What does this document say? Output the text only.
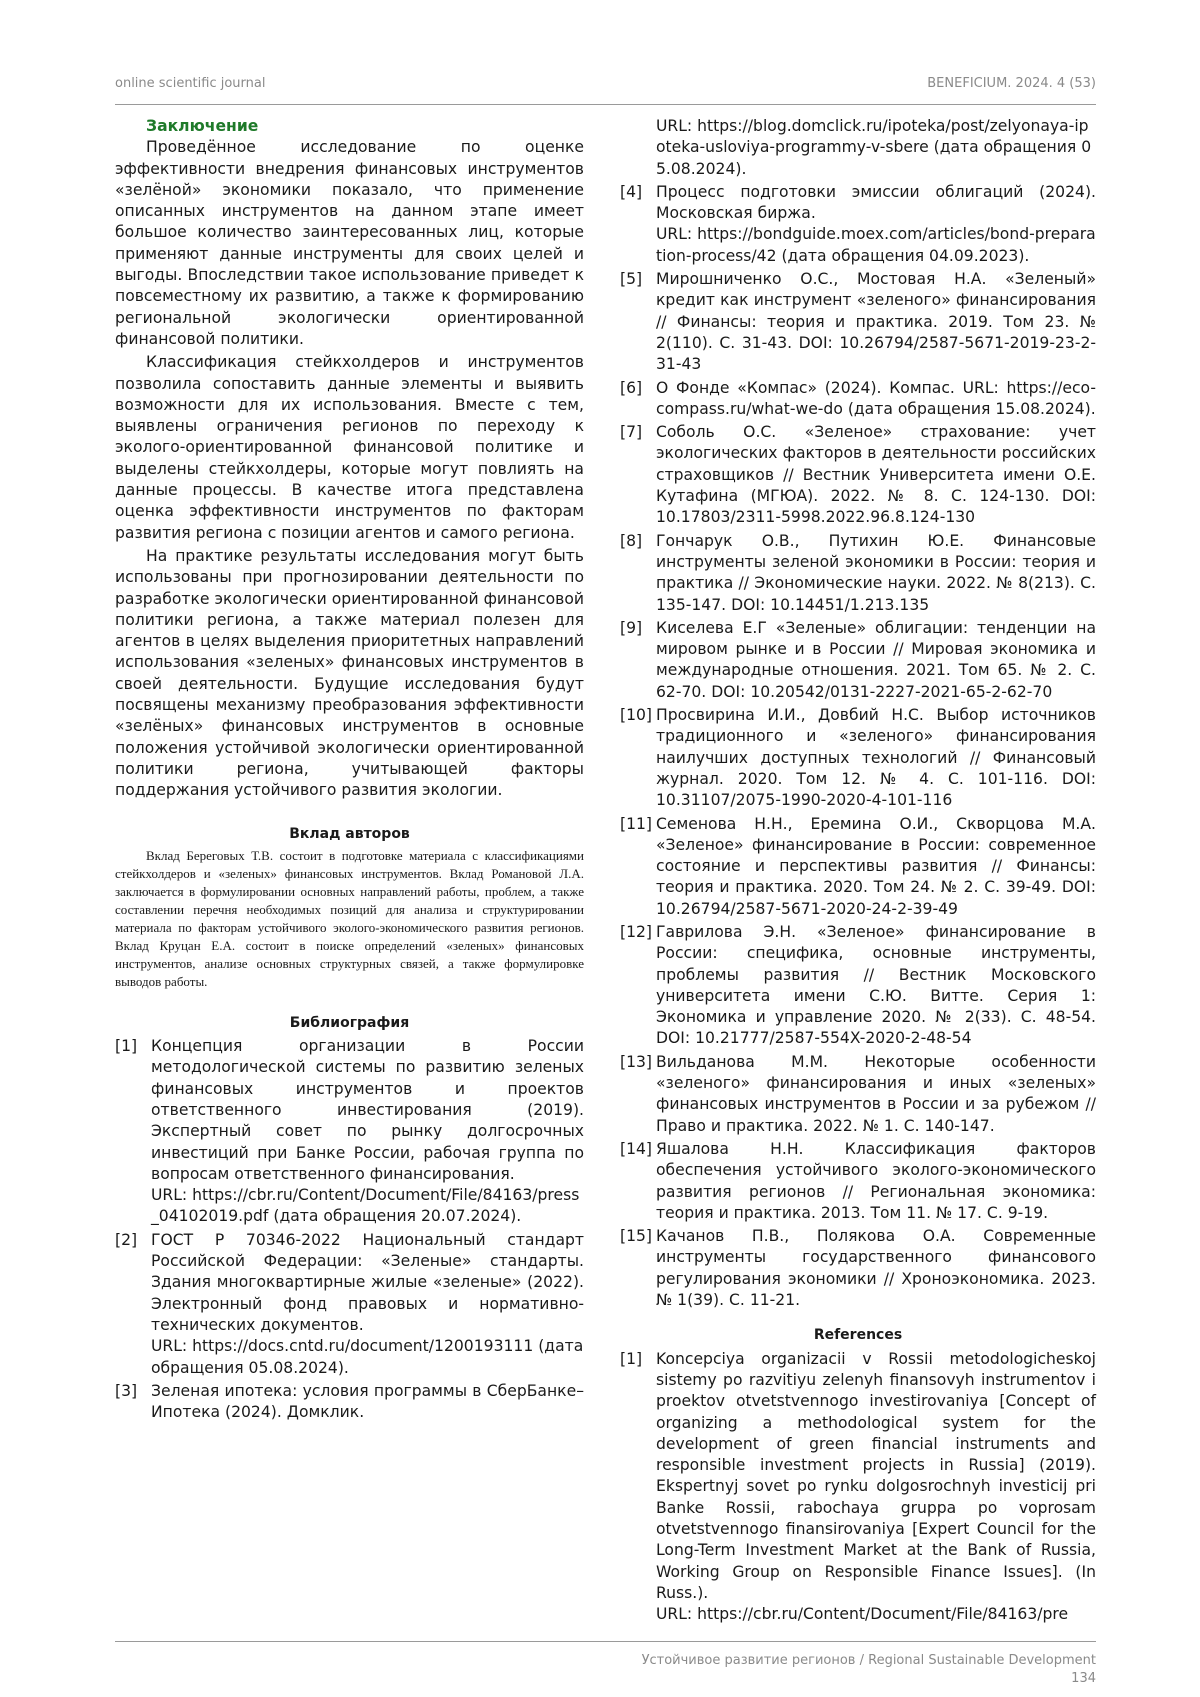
online scientific journal	BENEFICIUM. 2024. 4 (53)
Заключение

Проведённое исследование по оценке эффективности внедрения финансовых инструментов «зелёной» экономики показало, что применение описанных инструментов на данном этапе имеет большое количество заинтересованных лиц, которые применяют данные инструменты для своих целей и выгоды. Впоследствии такое использование приведет к повсеместному их развитию, а также к формированию региональной экологически ориентированной финансовой политики.

Классификация стейкхолдеров и инструментов позволила сопоставить данные элементы и выявить возможности для их использования. Вместе с тем, выявлены ограничения регионов по переходу к эколого-ориентированной финансовой политике и выделены стейкхолдеры, которые могут повлиять на данные процессы. В качестве итога представлена оценка эффективности инструментов по факторам развития региона с позиции агентов и самого региона.

На практике результаты исследования могут быть использованы при прогнозировании деятельности по разработке экологически ориентированной финансовой политики региона, а также материал полезен для агентов в целях выделения приоритетных направлений использования «зеленых» финансовых инструментов в своей деятельности. Будущие исследования будут посвящены механизму преобразования эффективности «зелёных» финансовых инструментов в основные положения устойчивой экологически ориентированной политики региона, учитывающей факторы поддержания устойчивого развития экологии.

Вклад авторов

Вклад Береговых Т.В. состоит в подготовке материала с классификациями стейкхолдеров и «зеленых» финансовых инструментов. Вклад Романовой Л.А. заключается в формулировании основных направлений работы, проблем, а также составлении перечня необходимых позиций для анализа и структурировании материала по факторам устойчивого эколого-экономического развития регионов. Вклад Круцан Е.А. состоит в поиске определений «зеленых» финансовых инструментов, анализе основных структурных связей, а также формулировке выводов работы.

Библиография
[1] Концепция организации в России методологической системы по развитию зеленых финансовых инструментов и проектов ответственного инвестирования (2019). Экспертный совет по рынку долгосрочных инвестиций при Банке России, рабочая группа по вопросам ответственного финансирования.
URL: https://cbr.ru/Content/Document/File/84163/press_04102019.pdf (дата обращения 20.07.2024).
[2] ГОСТ Р 70346-2022 Национальный стандарт Российской Федерации: «Зеленые» стандарты. Здания многоквартирные жилые «зеленые» (2022). Электронный фонд правовых и нормативно-технических документов.
URL: https://docs.cntd.ru/document/1200193111 (дата обращения 05.08.2024).
[3] Зеленая ипотека: условия программы в СберБанке–Ипотека (2024). Домклик.
URL: https://blog.domclick.ru/ipoteka/post/zelyonaya-ipoteka-usloviya-programmy-v-sbere (дата обращения 05.08.2024).
[4] Процесс подготовки эмиссии облигаций (2024). Московская биржа.
URL: https://bondguide.moex.com/articles/bond-preparation-process/42 (дата обращения 04.09.2023).
[5] Мирошниченко О.С., Мостовая Н.А. «Зеленый» кредит как инструмент «зеленого» финансирования // Финансы: теория и практика. 2019. Том 23. № 2(110). С. 31-43. DOI: 10.26794/2587-5671-2019-23-2-31-43
[6] О Фонде «Компас» (2024). Компас. URL: https://eco-compass.ru/what-we-do (дата обращения 15.08.2024).
[7] Соболь О.С. «Зеленое» страхование: учет экологических факторов в деятельности российских страховщиков // Вестник Университета имени О.Е. Кутафина (МГЮА). 2022. № 8. С. 124-130. DOI: 10.17803/2311-5998.2022.96.8.124-130
[8] Гончарук О.В., Путихин Ю.Е. Финансовые инструменты зеленой экономики в России: теория и практика // Экономические науки. 2022. № 8(213). С. 135-147. DOI: 10.14451/1.213.135
[9] Киселева Е.Г «Зеленые» облигации: тенденции на мировом рынке и в России // Мировая экономика и международные отношения. 2021. Том 65. № 2. С. 62-70. DOI: 10.20542/0131-2227-2021-65-2-62-70
[10] Просвирина И.И., Довбий Н.С. Выбор источников традиционного и «зеленого» финансирования наилучших доступных технологий // Финансовый журнал. 2020. Том 12. № 4. С. 101-116. DOI: 10.31107/2075-1990-2020-4-101-116
[11] Семенова Н.Н., Еремина О.И., Скворцова М.А. «Зеленое» финансирование в России: современное состояние и перспективы развития // Финансы: теория и практика. 2020. Том 24. № 2. С. 39-49. DOI: 10.26794/2587-5671-2020-24-2-39-49
[12] Гаврилова Э.Н. «Зеленое» финансирование в России: специфика, основные инструменты, проблемы развития // Вестник Московского университета имени С.Ю. Витте. Серия 1: Экономика и управление 2020. № 2(33). С. 48-54. DOI: 10.21777/2587-554X-2020-2-48-54
[13] Вильданова М.М. Некоторые особенности «зеленого» финансирования и иных «зеленых» финансовых инструментов в России и за рубежом // Право и практика. 2022. № 1. С. 140-147.
[14] Яшалова Н.Н. Классификация факторов обеспечения устойчивого эколого-экономического развития регионов // Региональная экономика: теория и практика. 2013. Том 11. № 17. С. 9-19.
[15] Качанов П.В., Полякова О.А. Современные инструменты государственного финансового регулирования экономики // Хроноэкономика. 2023. № 1(39). С. 11-21.
References
[1] Koncepciya organizacii v Rossii metodologicheskoj sistemy po razvitiyu zelenyh finansovyh instrumentov i proektov otvetstvennogo investirovaniya [Concept of organizing a methodological system for the development of green financial instruments and responsible investment projects in Russia] (2019). Ekspertnyj sovet po rynku dolgosrochnyh investicij pri Banke Rossii, rabochaya gruppa po voprosam otvetstvennogo finansirovaniya [Expert Council for the Long-Term Investment Market at the Bank of Russia, Working Group on Responsible Finance Issues]. (In Russ.).
URL: https://cbr.ru/Content/Document/File/84163/pre
Устойчивое развитие регионов / Regional Sustainable Development
134
